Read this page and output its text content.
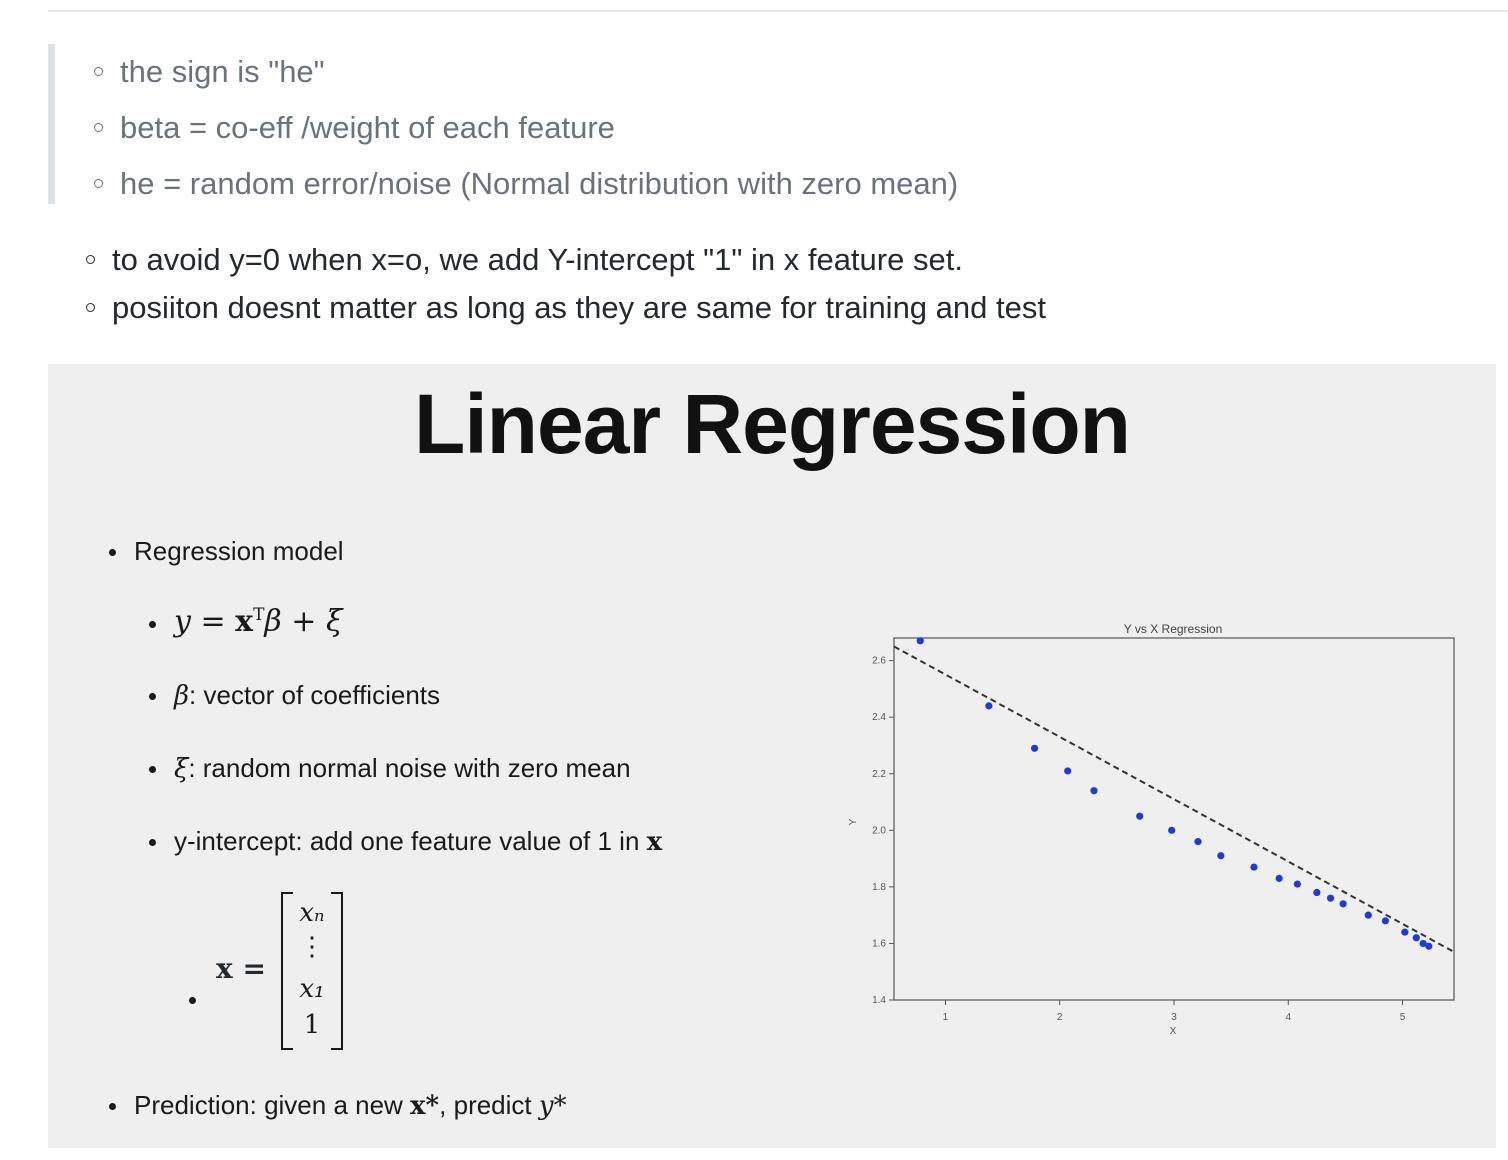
the sign is "he"
beta = co-eff /weight of each feature
he = random error/noise (Normal distribution with zero mean)
to avoid y=0 when x=o, we add Y-intercept "1" in x feature set.
posiiton doesnt matter as long as they are same for training and test
Linear Regression
Regression model
$y = x^T\beta + \xi$
β: vector of coefficients
ξ: random normal noise with zero mean
y-intercept: add one feature value of 1 in x
x =
xₙ
⋮
x₁
1
Prediction: given a new x*, predict y*
Y vs X Regression
1	2	3	4	5
1.4
1.6
1.8
2.0
2.2
2.4
2.6
X
Y
